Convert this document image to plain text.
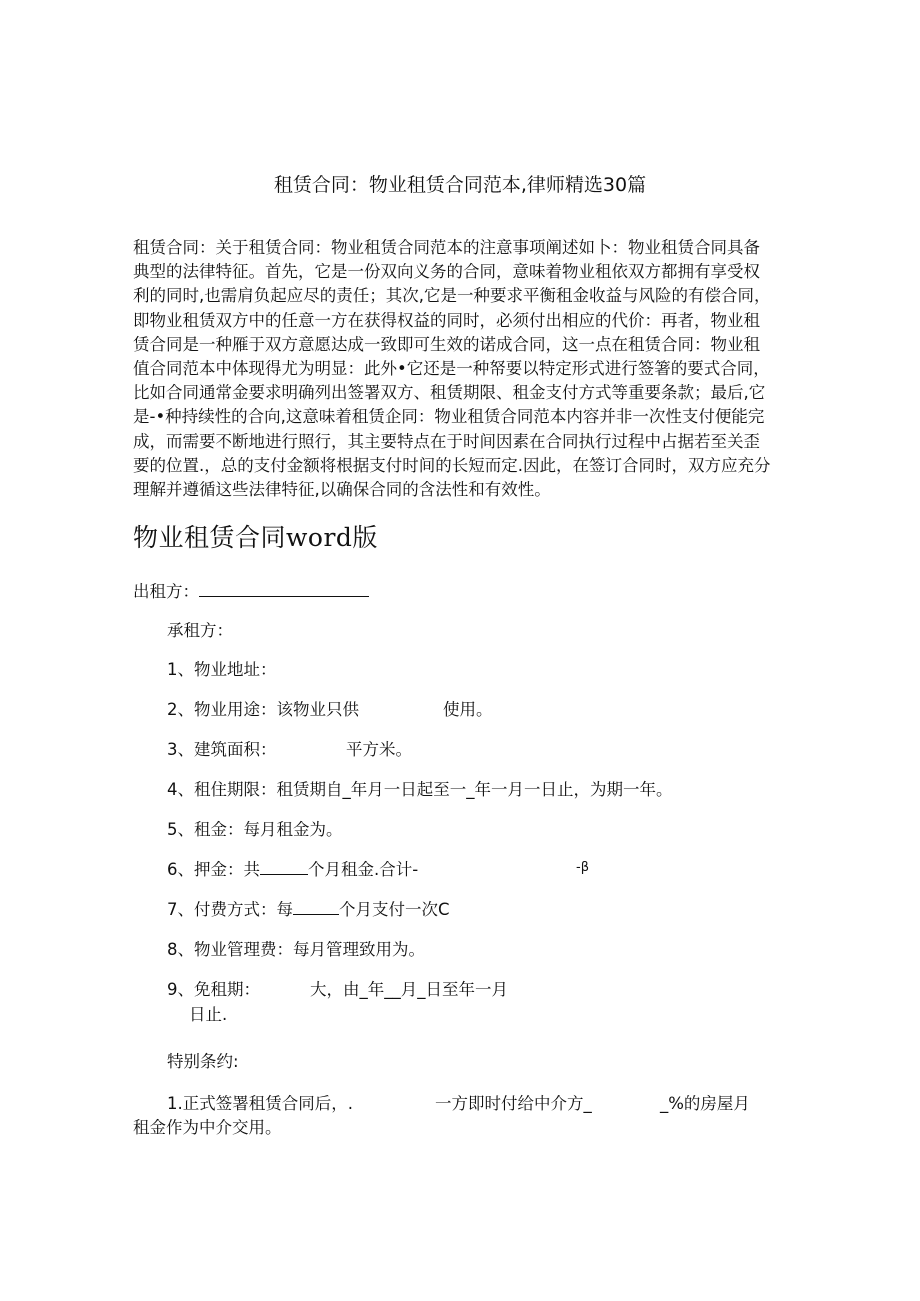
租赁合同：物业租赁合同范本,律师精选30篇
租赁合同：关于租赁合同：物业租赁合同范本的注意事项阐述如卜：物业租赁合同具备
典型的法律特征。首先，它是一份双向义务的合同，意味着物业租依双方都拥有享受权
利的同时,也需肩负起应尽的责任；其次,它是一种要求平衡租金收益与风险的有偿合同，
即物业租赁双方中的任意一方在获得权益的同时，必须付出相应的代价：再者，物业租
赁合同是一种雁于双方意愿达成一致即可生效的诺成合同，这一点在租赁合同：物业租
值合同范本中体现得尤为明显：此外•它还是一种帑要以特定形式进行签箸的要式合同，
比如合同通常金要求明确列出签署双方、租赁期限、租金支付方式等重要条款；最后,它
是-•种持续性的合向,这意味着租赁企同：物业租赁合同范本内容并非一次性支付便能完
成，而需要不断地进行照行，其主要特点在于时间因素在合同执行过程中占据若至关歪
要的位置.，总的支付金额将根据支付时间的长短而定.因此，在签订合同时，双方应充分
理解并遵循这些法律特征,以确保合同的含法性和有效性。
物业租赁合同word版
出租方：
承租方：
1、物业地址：
2、物业用途：该物业只供	使用。
3、建筑面积：	平方米。
4、租住期限：租赁期自_年月一日起至一_年一月一日止，为期一年。
5、租金：每月租金为。
6、押金：共	个月租金.合计-	-β
7、付费方式：每	个月支付一次C
8、物业管理费：每月管理致用为。
9、免租期：	大，由_年__月_日至年一月
日止.
特别条约:
1.正式签署租赁合同后，.	一方即时付给中介方_	_%的房屋月
租金作为中介交用。
